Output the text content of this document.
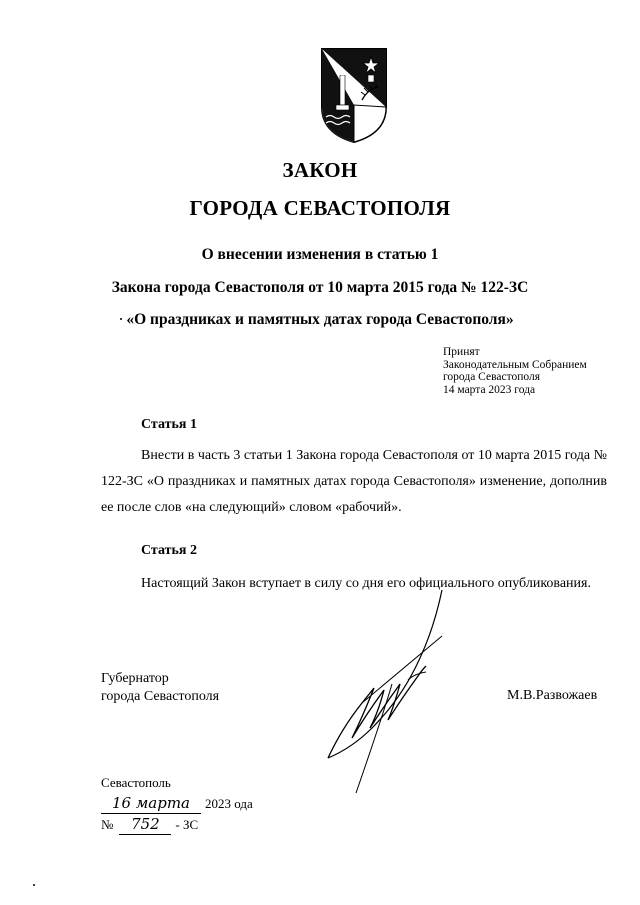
ЗАКОН
ГОРОДА СЕВАСТОПОЛЯ
О внесении изменения в статью 1
Закона города Севастополя от 10 марта 2015 года № 122-ЗС
«О праздниках и памятных датах города Севастополя»
Принят
Законодательным Собранием
города Севастополя
14 марта 2023 года
Статья 1
Внести в часть 3 статьи 1 Закона города Севастополя от 10 марта 2015 года № 122-ЗС «О праздниках и памятных датах города Севастополя» изменение, дополнив ее после слов «на следующий» словом «рабочий».
Статья 2
Настоящий Закон вступает в силу со дня его официального опубликования.
Губернатор
города Севастополя	М.В.Развожаев
Севастополь
16 марта	2023 ода
№	752	- ЗС
